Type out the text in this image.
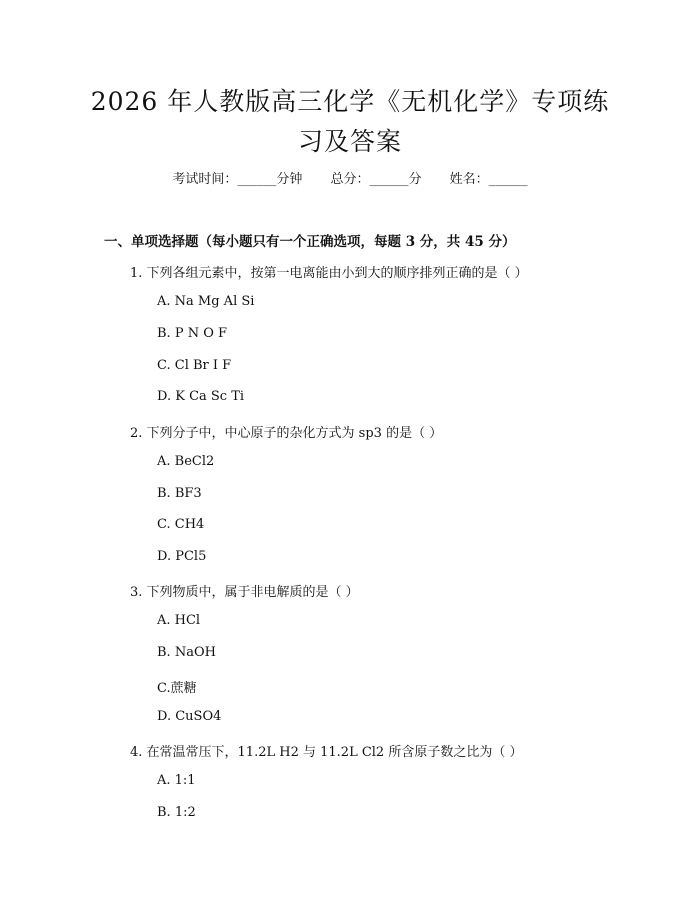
2026 年人教版高三化学《无机化学》专项练
习及答案
考试时间：______分钟 总分：______分 姓名：______
一、单项选择题（每小题只有一个正确选项，每题 3 分，共 45 分）
1. 下列各组元素中，按第一电离能由小到大的顺序排列正确的是（ ）
A. Na Mg Al Si
B. P N O F
C. Cl Br I F
D. K Ca Sc Ti
2. 下列分子中，中心原子的杂化方式为 sp3 的是（ ）
A. BeCl2
B. BF3
C. CH4
D. PCl5
3. 下列物质中，属于非电解质的是（ ）
A. HCl
B. NaOH
C.蔗糖
D. CuSO4
4. 在常温常压下，11.2L H2 与 11.2L Cl2 所含原子数之比为（ ）
A. 1:1
B. 1:2
